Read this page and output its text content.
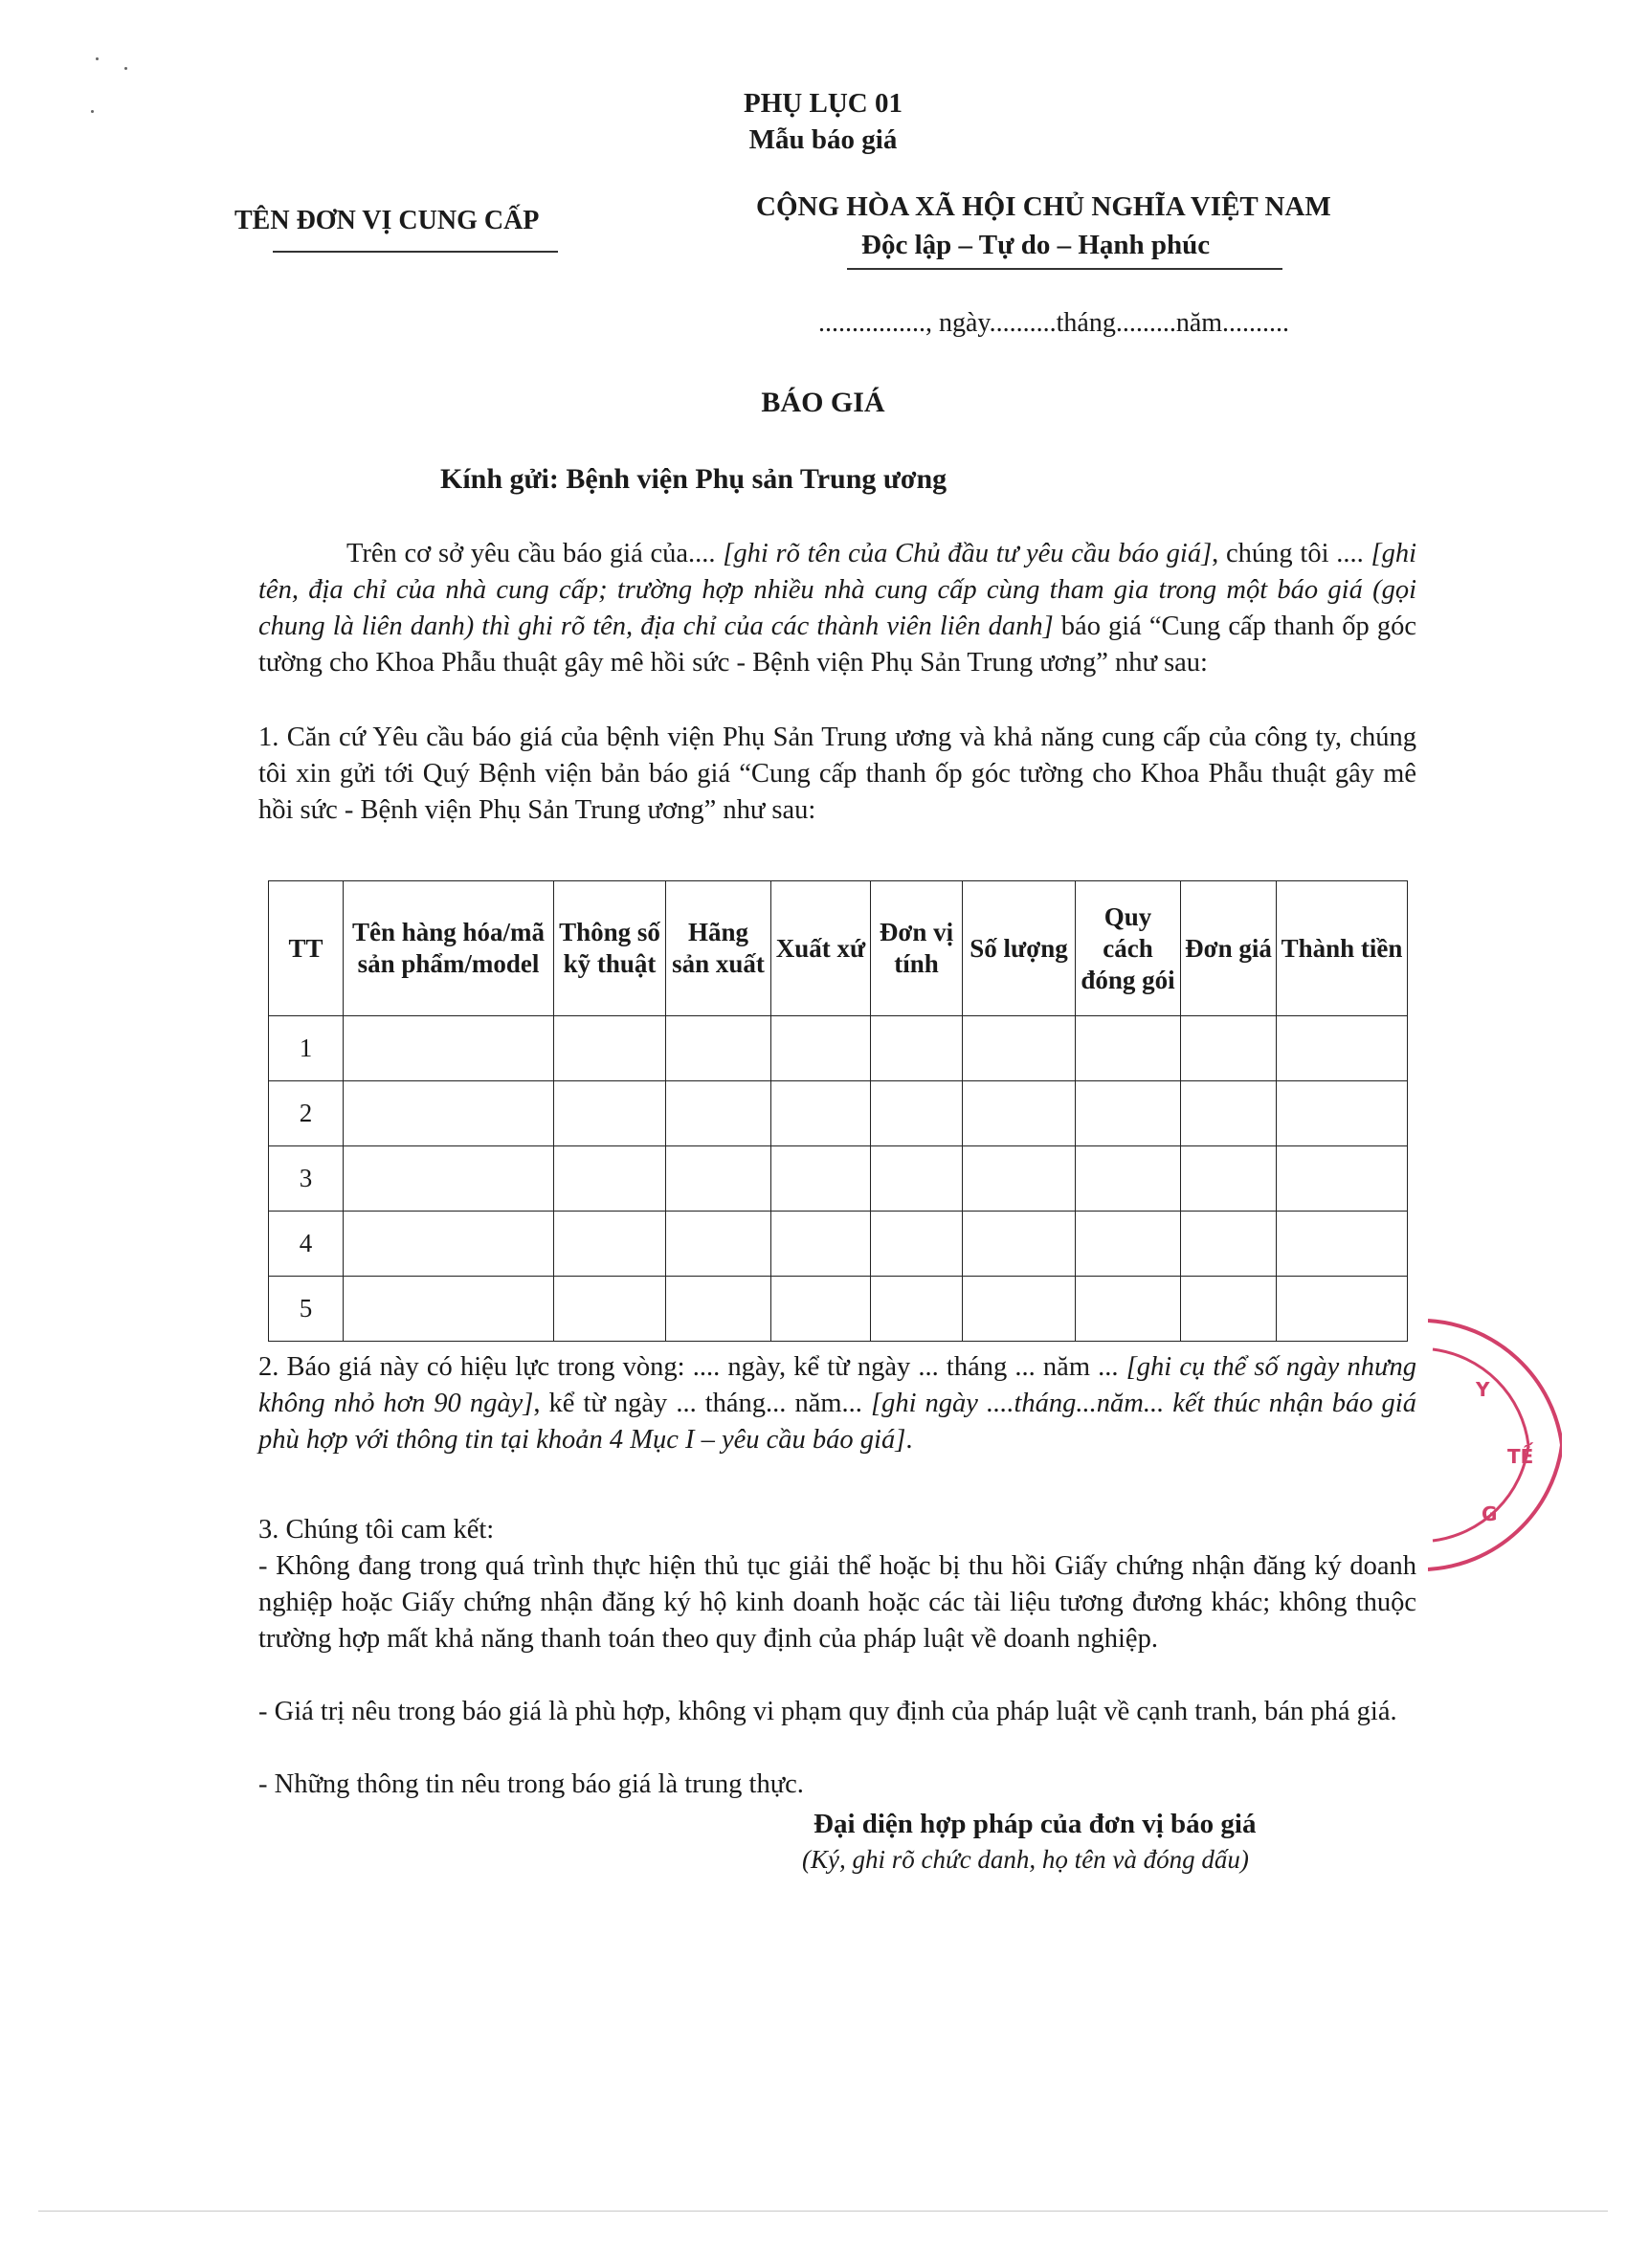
PHỤ LỤC 01
Mẫu báo giá
TÊN ĐƠN VỊ CUNG CẤP	CỘNG HÒA XÃ HỘI CHỦ NGHĨA VIỆT NAM
Độc lập – Tự do – Hạnh phúc
................, ngày..........tháng.........năm..........
BÁO GIÁ
Kính gửi: Bệnh viện Phụ sản Trung ương
Trên cơ sở yêu cầu báo giá của.... [ghi rõ tên của Chủ đầu tư yêu cầu báo giá], chúng tôi .... [ghi tên, địa chỉ của nhà cung cấp; trường hợp nhiều nhà cung cấp cùng tham gia trong một báo giá (gọi chung là liên danh) thì ghi rõ tên, địa chỉ của các thành viên liên danh] báo giá “Cung cấp thanh ốp góc tường cho Khoa Phẫu thuật gây mê hồi sức - Bệnh viện Phụ Sản Trung ương” như sau:
1. Căn cứ Yêu cầu báo giá của bệnh viện Phụ Sản Trung ương và khả năng cung cấp của công ty, chúng tôi xin gửi tới Quý Bệnh viện bản báo giá “Cung cấp thanh ốp góc tường cho Khoa Phẫu thuật gây mê hồi sức - Bệnh viện Phụ Sản Trung ương” như sau:
TT	Tên hàng hóa/mã sản phẩm/model	Thông số kỹ thuật	Hãng sản xuất	Xuất xứ	Đơn vị tính	Số lượng	Quy cách đóng gói	Đơn giá	Thành tiền
1									
2									
3									
4									
5									
2. Báo giá này có hiệu lực trong vòng: .... ngày, kể từ ngày ... tháng ... năm ... [ghi cụ thể số ngày nhưng không nhỏ hơn 90 ngày], kể từ ngày ... tháng... năm... [ghi ngày ....tháng...năm... kết thúc nhận báo giá phù hợp với thông tin tại khoản 4 Mục I – yêu cầu báo giá].
3. Chúng tôi cam kết:
- Không đang trong quá trình thực hiện thủ tục giải thể hoặc bị thu hồi Giấy chứng nhận đăng ký doanh nghiệp hoặc Giấy chứng nhận đăng ký hộ kinh doanh hoặc các tài liệu tương đương khác; không thuộc trường hợp mất khả năng thanh toán theo quy định của pháp luật về doanh nghiệp.
- Giá trị nêu trong báo giá là phù hợp, không vi phạm quy định của pháp luật về cạnh tranh, bán phá giá.
- Những thông tin nêu trong báo giá là trung thực.
Đại diện hợp pháp của đơn vị báo giá
(Ký, ghi rõ chức danh, họ tên và đóng dấu)
Y
TẾ
G
